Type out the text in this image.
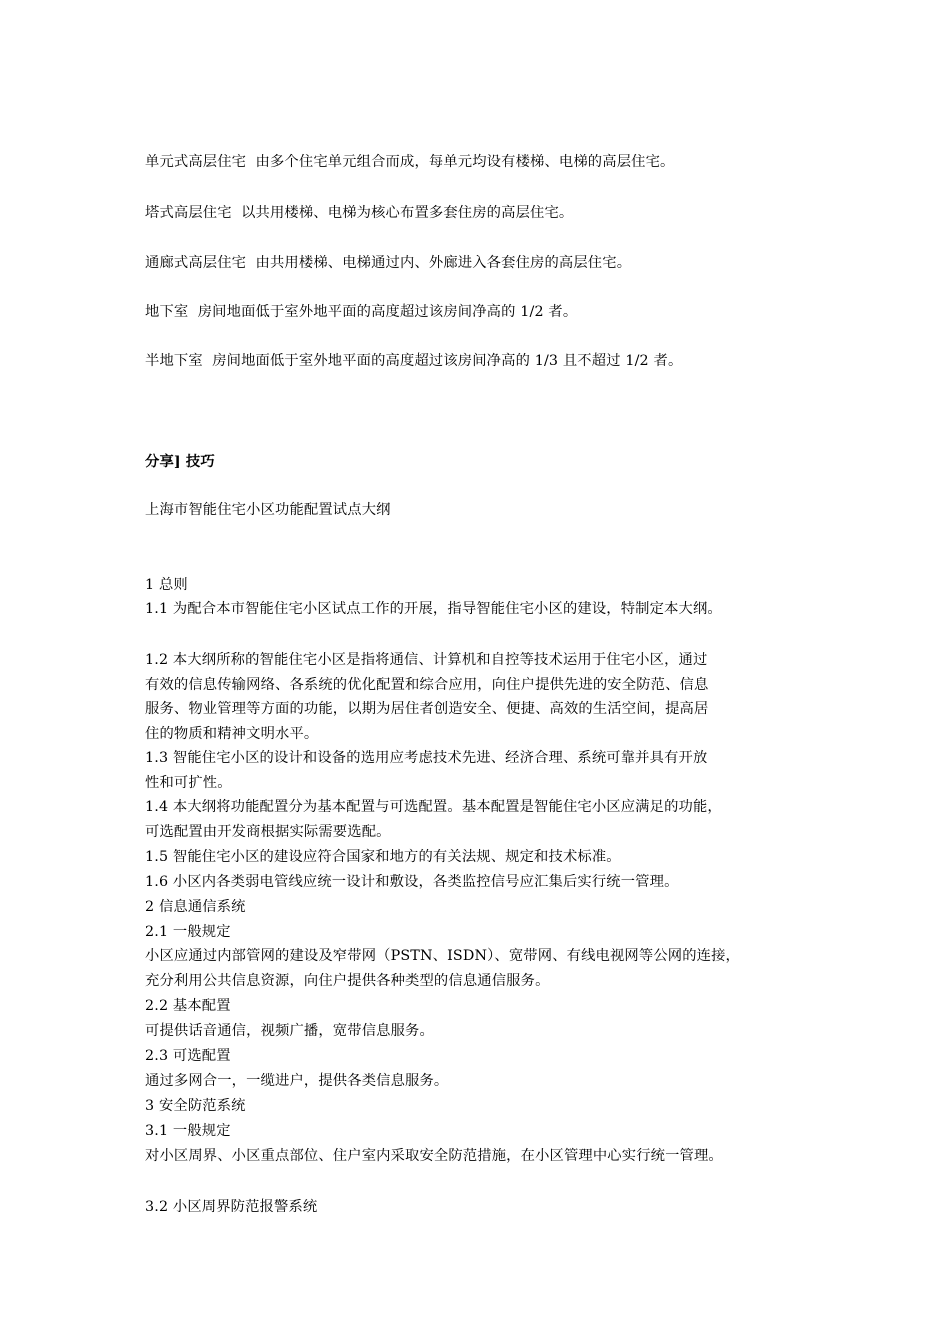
单元式高层住宅 由多个住宅单元组合而成，每单元均设有楼梯、电梯的高层住宅。

塔式高层住宅 以共用楼梯、电梯为核心布置多套住房的高层住宅。

通廊式高层住宅 由共用楼梯、电梯通过内、外廊进入各套住房的高层住宅。

地下室 房间地面低于室外地平面的高度超过该房间净高的 1/2 者。

半地下室 房间地面低于室外地平面的高度超过该房间净高的 1/3 且不超过 1/2 者。

分享] 技巧

上海市智能住宅小区功能配置试点大纲

1 总则

1.1 为配合本市智能住宅小区试点工作的开展，指导智能住宅小区的建设，特制定本大纲。

1.2 本大纲所称的智能住宅小区是指将通信、计算机和自控等技术运用于住宅小区，通过

有效的信息传输网络、各系统的优化配置和综合应用，向住户提供先进的安全防范、信息

服务、物业管理等方面的功能，以期为居住者创造安全、便捷、高效的生活空间，提高居

住的物质和精神文明水平。

1.3 智能住宅小区的设计和设备的选用应考虑技术先进、经济合理、系统可靠并具有开放

性和可扩性。

1.4 本大纲将功能配置分为基本配置与可选配置。基本配置是智能住宅小区应满足的功能，

可选配置由开发商根据实际需要选配。

1.5 智能住宅小区的建设应符合国家和地方的有关法规、规定和技术标准。

1.6 小区内各类弱电管线应统一设计和敷设，各类监控信号应汇集后实行统一管理。

2 信息通信系统

2.1 一般规定

小区应通过内部管网的建设及窄带网（PSTN、ISDN）、宽带网、有线电视网等公网的连接，

充分利用公共信息资源，向住户提供各种类型的信息通信服务。

2.2 基本配置

可提供话音通信，视频广播，宽带信息服务。

2.3 可选配置

通过多网合一，一缆进户，提供各类信息服务。

3 安全防范系统

3.1 一般规定

对小区周界、小区重点部位、住户室内采取安全防范措施，在小区管理中心实行统一管理。

3.2 小区周界防范报警系统
